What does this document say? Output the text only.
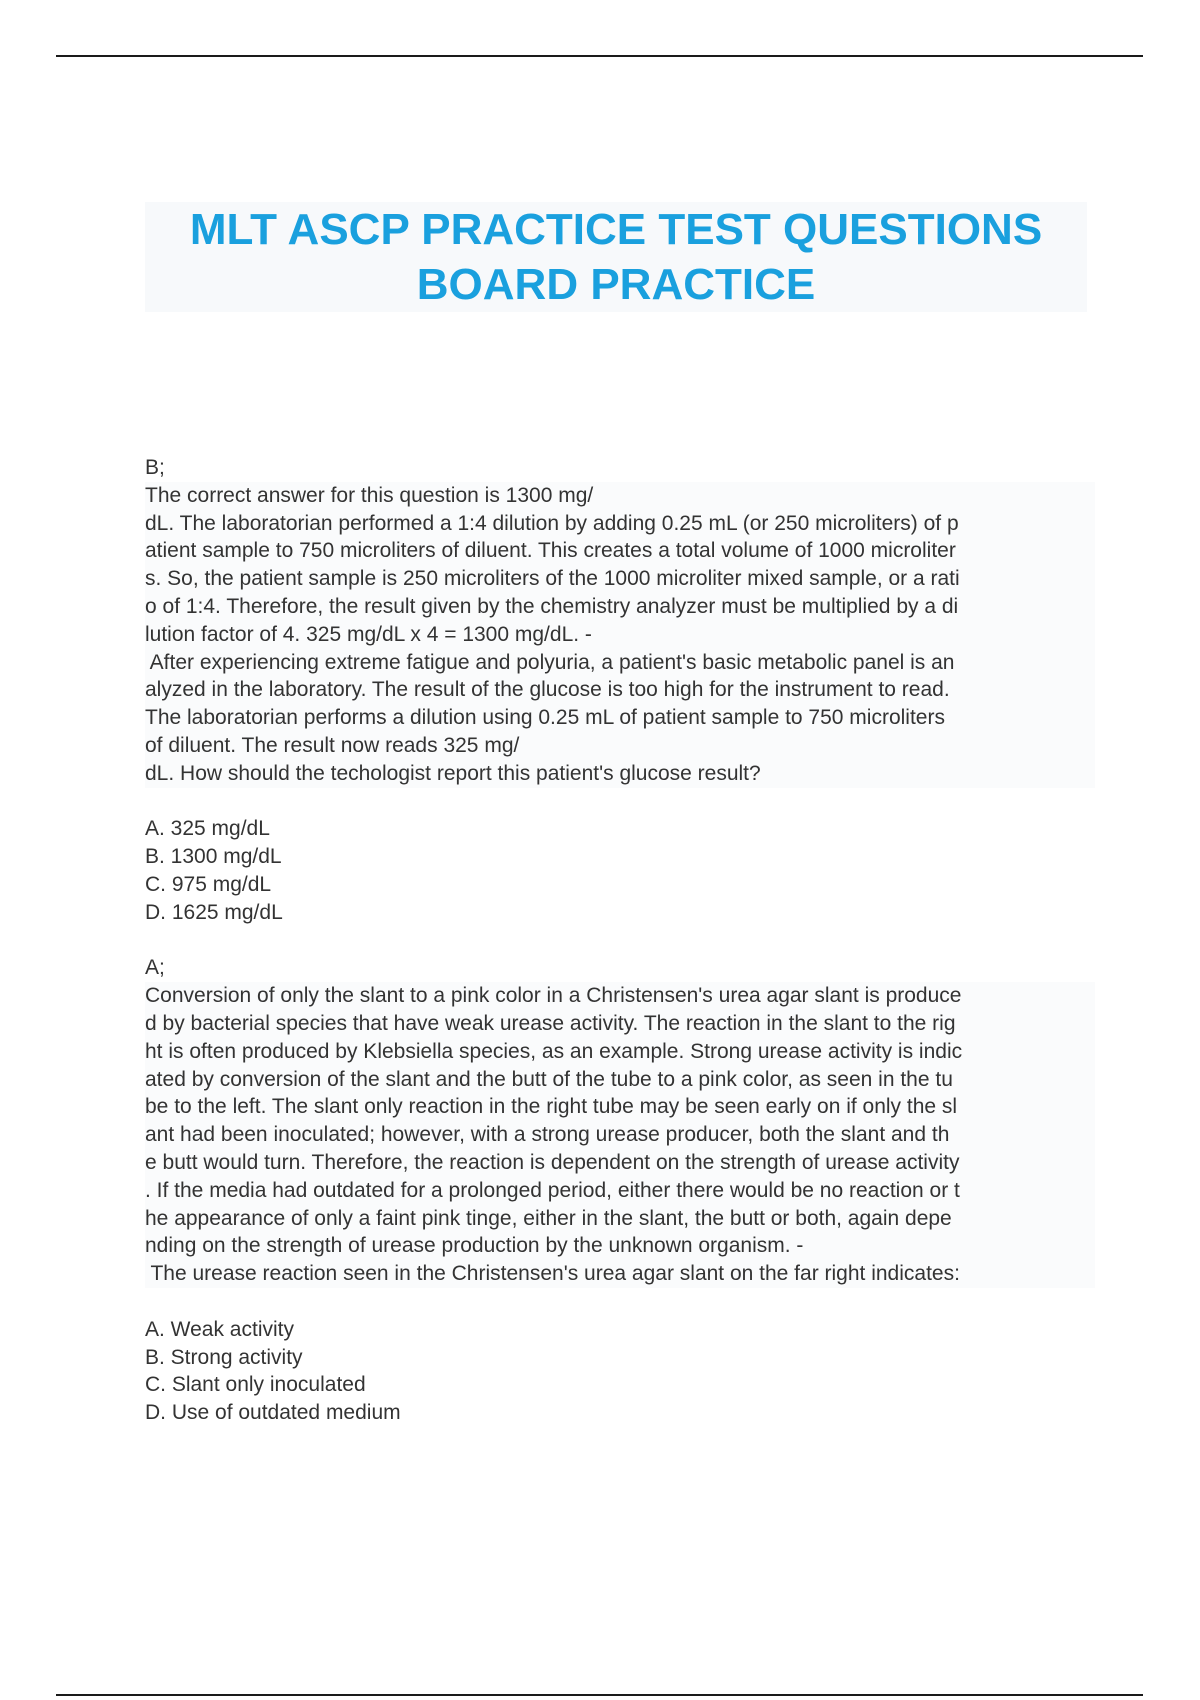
MLT ASCP PRACTICE TEST QUESTIONS
BOARD PRACTICE
B;
The correct answer for this question is 1300 mg/
dL. The laboratorian performed a 1:4 dilution by adding 0.25 mL (or 250 microliters) of p
atient sample to 750 microliters of diluent. This creates a total volume of 1000 microliter
s. So, the patient sample is 250 microliters of the 1000 microliter mixed sample, or a rati
o of 1:4. Therefore, the result given by the chemistry analyzer must be multiplied by a di
lution factor of 4. 325 mg/dL x 4 = 1300 mg/dL. -
After experiencing extreme fatigue and polyuria, a patient's basic metabolic panel is an
alyzed in the laboratory. The result of the glucose is too high for the instrument to read.
The laboratorian performs a dilution using 0.25 mL of patient sample to 750 microliters
of diluent. The result now reads 325 mg/
dL. How should the techologist report this patient's glucose result?
A. 325 mg/dL
B. 1300 mg/dL
C. 975 mg/dL
D. 1625 mg/dL
A;
Conversion of only the slant to a pink color in a Christensen's urea agar slant is produce
d by bacterial species that have weak urease activity. The reaction in the slant to the rig
ht is often produced by Klebsiella species, as an example. Strong urease activity is indic
ated by conversion of the slant and the butt of the tube to a pink color, as seen in the tu
be to the left. The slant only reaction in the right tube may be seen early on if only the sl
ant had been inoculated; however, with a strong urease producer, both the slant and th
e butt would turn. Therefore, the reaction is dependent on the strength of urease activity
. If the media had outdated for a prolonged period, either there would be no reaction or t
he appearance of only a faint pink tinge, either in the slant, the butt or both, again depe
nding on the strength of urease production by the unknown organism. -
The urease reaction seen in the Christensen's urea agar slant on the far right indicates:
A. Weak activity
B. Strong activity
C. Slant only inoculated
D. Use of outdated medium
